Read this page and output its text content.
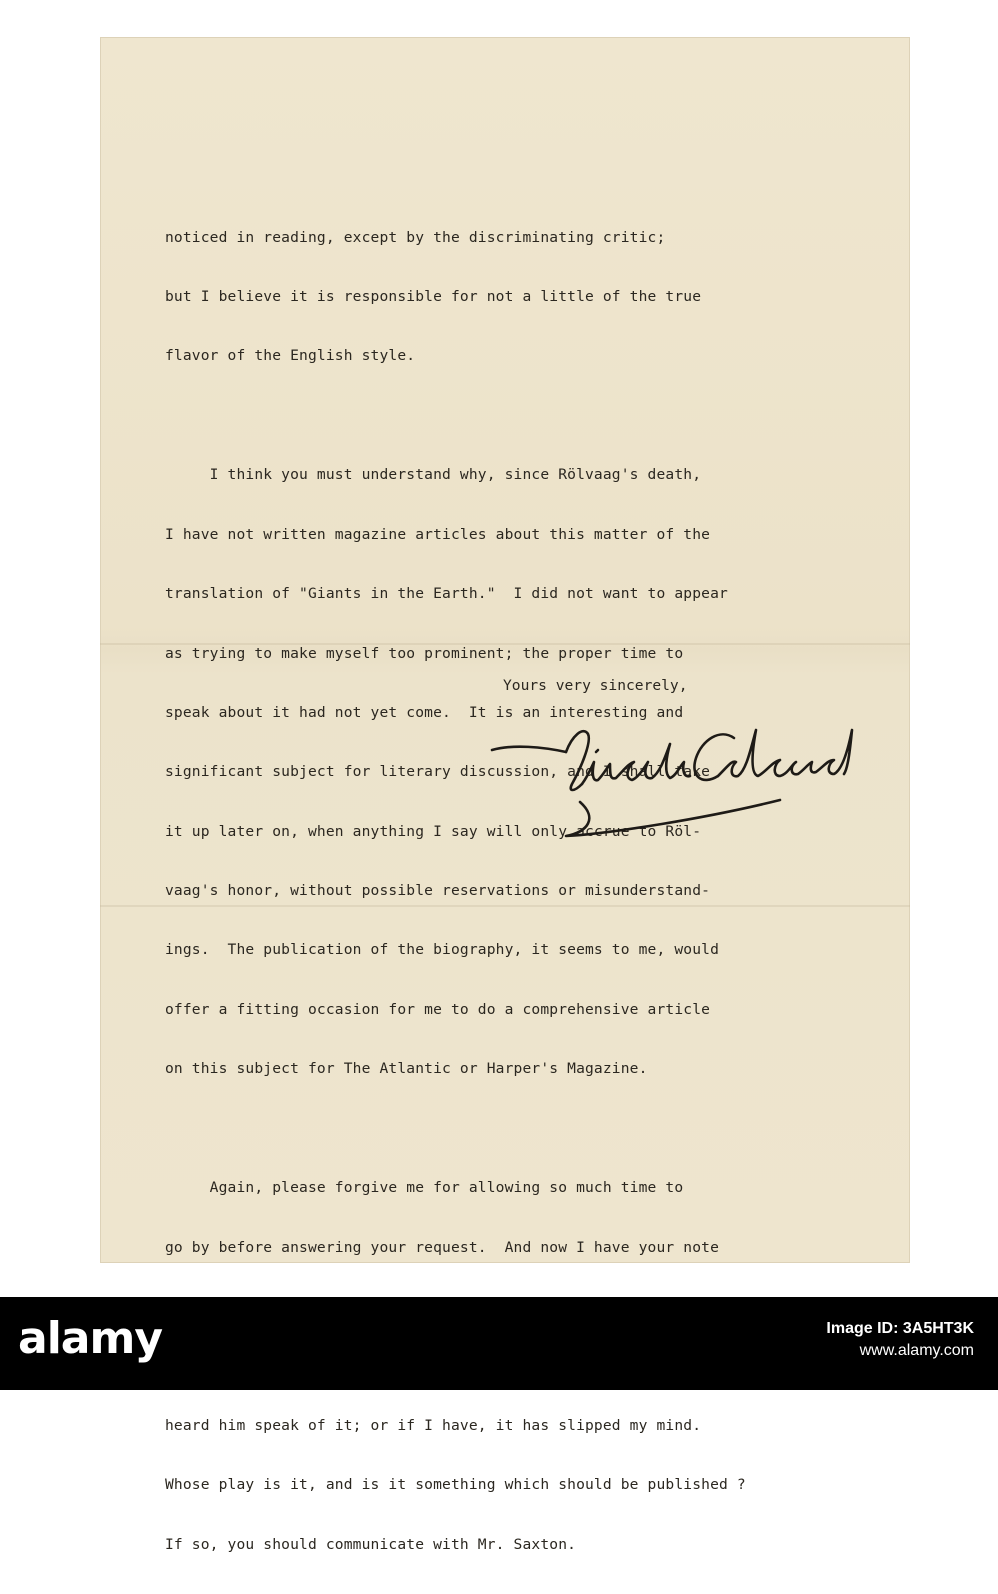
noticed in reading, except by the discriminating critic;

but I believe it is responsible for not a little of the true

flavor of the English style.

I think you must understand why, since Rölvaag's death,

I have not written magazine articles about this matter of the

translation of "Giants in the Earth."  I did not want to appear

as trying to make myself too prominent; the proper time to

speak about it had not yet come.  It is an interesting and

significant subject for literary discussion, and I shall take

it up later on, when anything I say will only accrue to Röl-

vaag's honor, without possible reservations or misunderstand-

ings.  The publication of the biography, it seems to me, would

offer a fitting occasion for me to do a comprehensive article

on this subject for The Atlantic or Harper's Magazine.

Again, please forgive me for allowing so much time to

go by before answering your request.  And now I have your note

heard him speak of it; or if I have, it has slipped my mind.

Whose play is it, and is it something which should be published ?

If so, you should communicate with Mr. Saxton.

Yours very sincerely,
alamy	Image ID: 3A5HT3K
www.alamy.com
